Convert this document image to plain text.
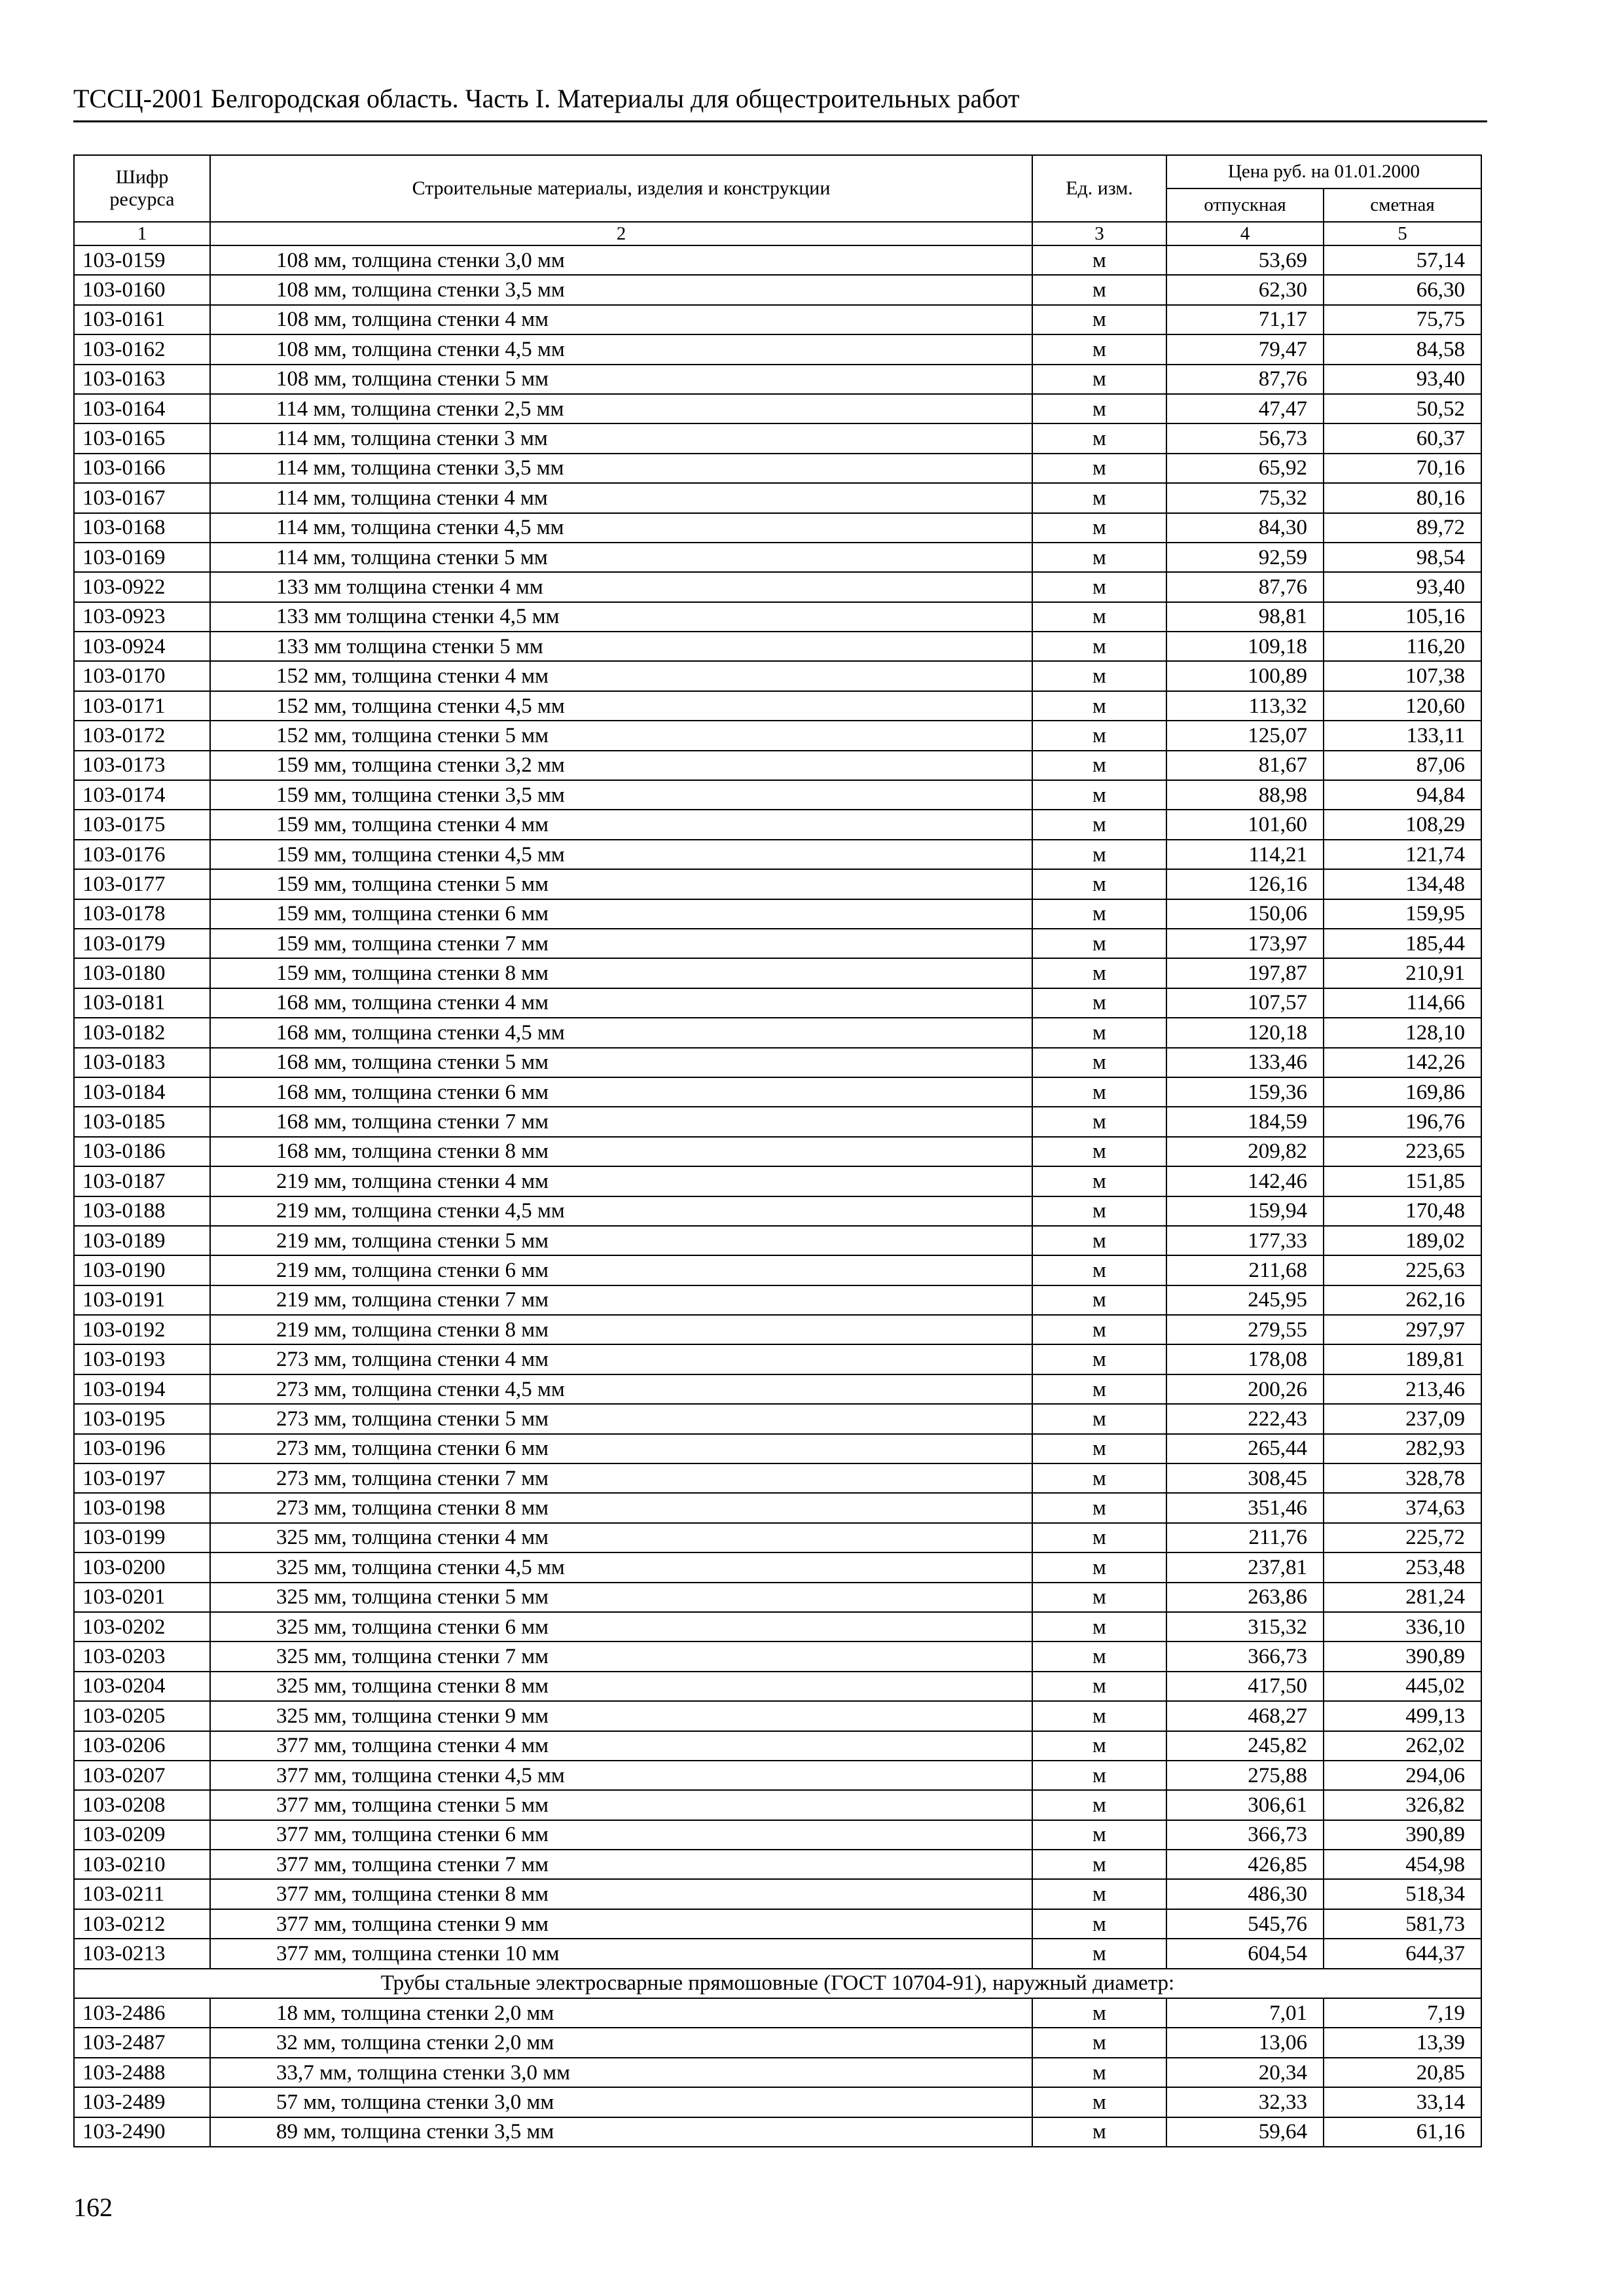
ТССЦ-2001 Белгородская область. Часть I. Материалы для общестроительных работ
Шифр ресурса	Строительные материалы, изделия и конструкции	Ед. изм.	Цена руб. на 01.01.2000	
			отпускная	сметная
1	2	3	4	5
103-0159	108 мм, толщина стенки 3,0 мм	м	53,69	57,14
103-0160	108 мм, толщина стенки 3,5 мм	м	62,30	66,30
103-0161	108 мм, толщина стенки 4 мм	м	71,17	75,75
103-0162	108 мм, толщина стенки 4,5 мм	м	79,47	84,58
103-0163	108 мм, толщина стенки 5 мм	м	87,76	93,40
103-0164	114 мм, толщина стенки 2,5 мм	м	47,47	50,52
103-0165	114 мм, толщина стенки 3 мм	м	56,73	60,37
103-0166	114 мм, толщина стенки 3,5 мм	м	65,92	70,16
103-0167	114 мм, толщина стенки 4 мм	м	75,32	80,16
103-0168	114 мм, толщина стенки 4,5 мм	м	84,30	89,72
103-0169	114 мм, толщина стенки 5 мм	м	92,59	98,54
103-0922	133 мм толщина стенки 4 мм	м	87,76	93,40
103-0923	133 мм толщина стенки 4,5 мм	м	98,81	105,16
103-0924	133 мм толщина стенки 5 мм	м	109,18	116,20
103-0170	152 мм, толщина стенки 4 мм	м	100,89	107,38
103-0171	152 мм, толщина стенки 4,5 мм	м	113,32	120,60
103-0172	152 мм, толщина стенки 5 мм	м	125,07	133,11
103-0173	159 мм, толщина стенки 3,2 мм	м	81,67	87,06
103-0174	159 мм, толщина стенки 3,5 мм	м	88,98	94,84
103-0175	159 мм, толщина стенки 4 мм	м	101,60	108,29
103-0176	159 мм, толщина стенки 4,5 мм	м	114,21	121,74
103-0177	159 мм, толщина стенки 5 мм	м	126,16	134,48
103-0178	159 мм, толщина стенки 6 мм	м	150,06	159,95
103-0179	159 мм, толщина стенки 7 мм	м	173,97	185,44
103-0180	159 мм, толщина стенки 8 мм	м	197,87	210,91
103-0181	168 мм, толщина стенки 4 мм	м	107,57	114,66
103-0182	168 мм, толщина стенки 4,5 мм	м	120,18	128,10
103-0183	168 мм, толщина стенки 5 мм	м	133,46	142,26
103-0184	168 мм, толщина стенки 6 мм	м	159,36	169,86
103-0185	168 мм, толщина стенки 7 мм	м	184,59	196,76
103-0186	168 мм, толщина стенки 8 мм	м	209,82	223,65
103-0187	219 мм, толщина стенки 4 мм	м	142,46	151,85
103-0188	219 мм, толщина стенки 4,5 мм	м	159,94	170,48
103-0189	219 мм, толщина стенки 5 мм	м	177,33	189,02
103-0190	219 мм, толщина стенки 6 мм	м	211,68	225,63
103-0191	219 мм, толщина стенки 7 мм	м	245,95	262,16
103-0192	219 мм, толщина стенки 8 мм	м	279,55	297,97
103-0193	273 мм, толщина стенки 4 мм	м	178,08	189,81
103-0194	273 мм, толщина стенки 4,5 мм	м	200,26	213,46
103-0195	273 мм, толщина стенки 5 мм	м	222,43	237,09
103-0196	273 мм, толщина стенки 6 мм	м	265,44	282,93
103-0197	273 мм, толщина стенки 7 мм	м	308,45	328,78
103-0198	273 мм, толщина стенки 8 мм	м	351,46	374,63
103-0199	325 мм, толщина стенки 4 мм	м	211,76	225,72
103-0200	325 мм, толщина стенки 4,5 мм	м	237,81	253,48
103-0201	325 мм, толщина стенки 5 мм	м	263,86	281,24
103-0202	325 мм, толщина стенки 6 мм	м	315,32	336,10
103-0203	325 мм, толщина стенки 7 мм	м	366,73	390,89
103-0204	325 мм, толщина стенки 8 мм	м	417,50	445,02
103-0205	325 мм, толщина стенки 9 мм	м	468,27	499,13
103-0206	377 мм, толщина стенки 4 мм	м	245,82	262,02
103-0207	377 мм, толщина стенки 4,5 мм	м	275,88	294,06
103-0208	377 мм, толщина стенки 5 мм	м	306,61	326,82
103-0209	377 мм, толщина стенки 6 мм	м	366,73	390,89
103-0210	377 мм, толщина стенки 7 мм	м	426,85	454,98
103-0211	377 мм, толщина стенки 8 мм	м	486,30	518,34
103-0212	377 мм, толщина стенки 9 мм	м	545,76	581,73
103-0213	377 мм, толщина стенки 10 мм	м	604,54	644,37
Трубы стальные электросварные прямошовные (ГОСТ 10704-91), наружный диаметр:				
103-2486	18 мм, толщина стенки 2,0 мм	м	7,01	7,19
103-2487	32 мм, толщина стенки 2,0 мм	м	13,06	13,39
103-2488	33,7 мм, толщина стенки 3,0 мм	м	20,34	20,85
103-2489	57 мм, толщина стенки 3,0 мм	м	32,33	33,14
103-2490	89 мм, толщина стенки 3,5 мм	м	59,64	61,16
162
